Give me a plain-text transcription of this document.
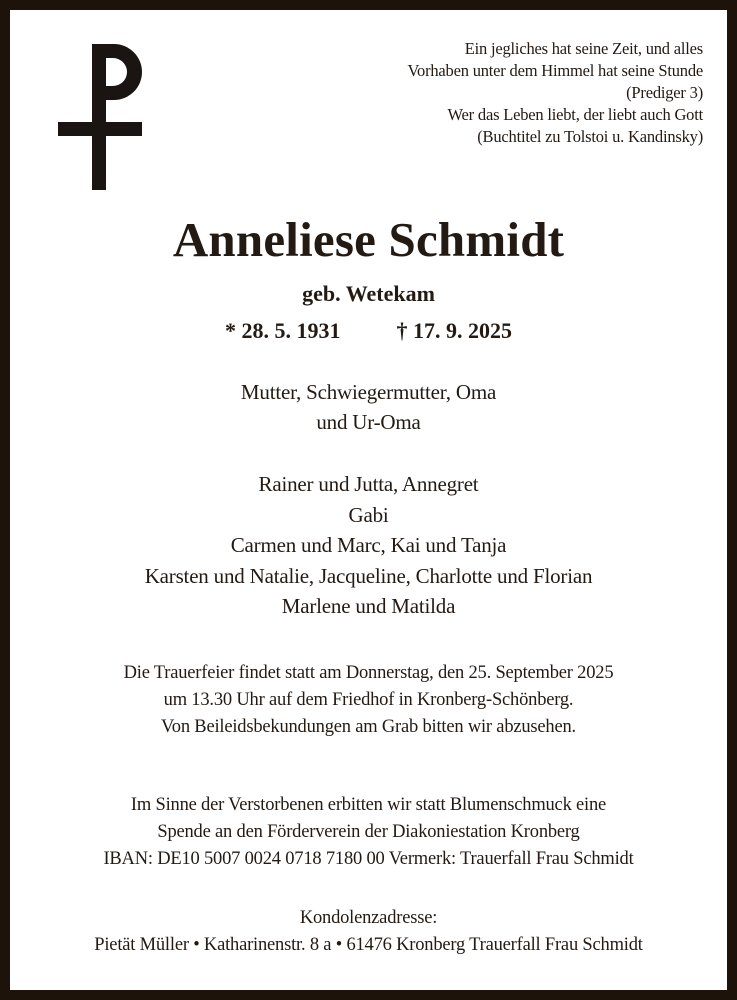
Ein jegliches hat seine Zeit, und alles
Vorhaben unter dem Himmel hat seine Stunde
(Prediger 3)
Wer das Leben liebt, der liebt auch Gott
(Buchtitel zu Tolstoi u. Kandinsky)
Anneliese Schmidt
geb. Wetekam
* 28. 5. 1931	† 17. 9. 2025
Mutter, Schwiegermutter, Oma
und Ur-Oma
Rainer und Jutta, Annegret
Gabi
Carmen und Marc, Kai und Tanja
Karsten und Natalie, Jacqueline, Charlotte und Florian
Marlene und Matilda
Die Trauerfeier findet statt am Donnerstag, den 25. September 2025
um 13.30 Uhr auf dem Friedhof in Kronberg-Schönberg.
Von Beileidsbekundungen am Grab bitten wir abzusehen.
Im Sinne der Verstorbenen erbitten wir statt Blumenschmuck eine
Spende an den Förderverein der Diakoniestation Kronberg
IBAN: DE10 5007 0024 0718 7180 00 Vermerk: Trauerfall Frau Schmidt
Kondolenzadresse:
Pietät Müller • Katharinenstr. 8 a • 61476 Kronberg Trauerfall Frau Schmidt
